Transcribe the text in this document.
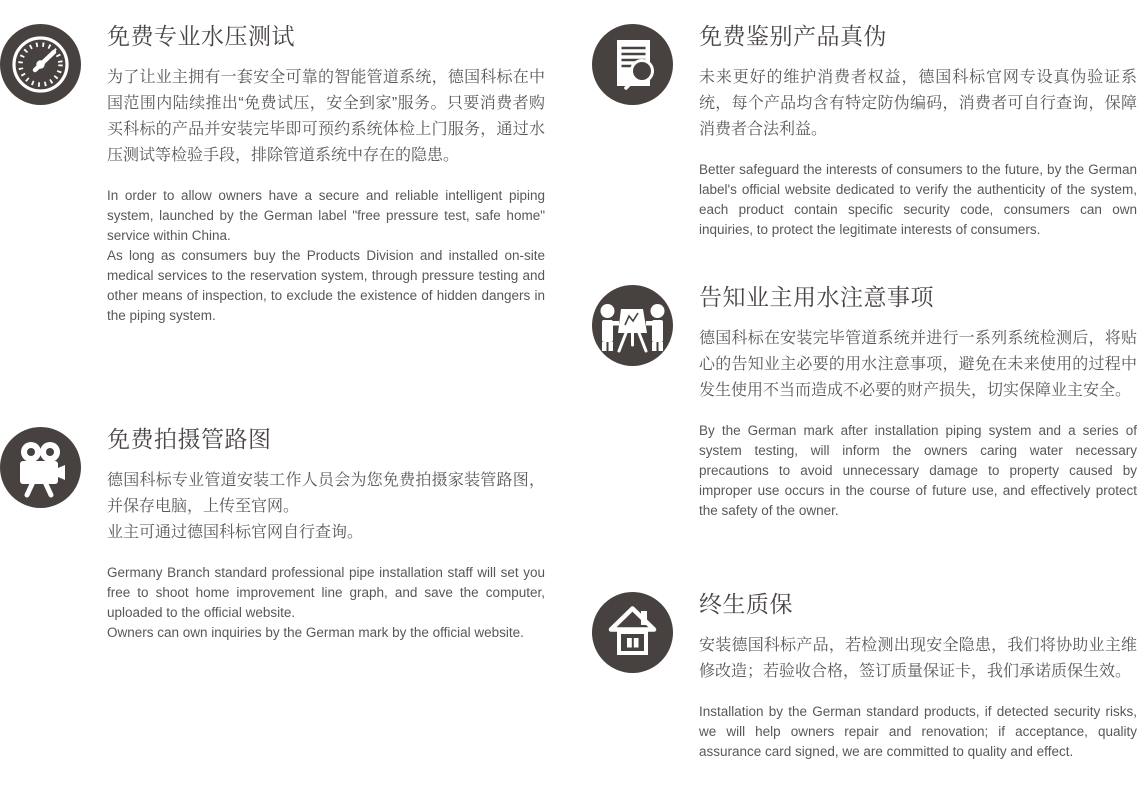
免费专业水压测试

为了让业主拥有一套安全可靠的智能管道系统，德国科标在中国范围内陆续推出“免费试压，安全到家”服务。只要消费者购买科标的产品并安装完毕即可预约系统体检上门服务，通过水压测试等检验手段，排除管道系统中存在的隐患。

In order to allow owners have a secure and reliable intelligent piping system, launched by the German label "free pressure test, safe home" service within China.

As long as consumers buy the Products Division and installed on-site medical services to the reservation system, through pressure testing and other means of inspection, to exclude the existence of hidden dangers in the piping system.

免费拍摄管路图

德国科标专业管道安装工作人员会为您免费拍摄家装管路图，并保存电脑，上传至官网。

业主可通过德国科标官网自行查询。

Germany Branch standard professional pipe installation staff will set you free to shoot home improvement line graph, and save the computer, uploaded to the official website.

Owners can own inquiries by the German mark by the official website.

免费鉴别产品真伪

未来更好的维护消费者权益，德国科标官网专设真伪验证系统，每个产品均含有特定防伪编码，消费者可自行查询，保障消费者合法利益。

Better safeguard the interests of consumers to the future, by the German label's official website dedicated to verify the authenticity of the system, each product contain specific security code, consumers can own inquiries, to protect the legitimate interests of consumers.

告知业主用水注意事项

德国科标在安装完毕管道系统并进行一系列系统检测后，将贴心的告知业主必要的用水注意事项，避免在未来使用的过程中发生使用不当而造成不必要的财产损失，切实保障业主安全。

By the German mark after installation piping system and a series of system testing, will inform the owners caring water necessary precautions to avoid unnecessary damage to property caused by improper use occurs in the course of future use, and effectively protect the safety of the owner.

终生质保

安装德国科标产品，若检测出现安全隐患，我们将协助业主维修改造；若验收合格，签订质量保证卡，我们承诺质保生效。

Installation by the German standard products, if detected security risks, we will help owners repair and renovation; if acceptance, quality assurance card signed, we are committed to quality and effect.
